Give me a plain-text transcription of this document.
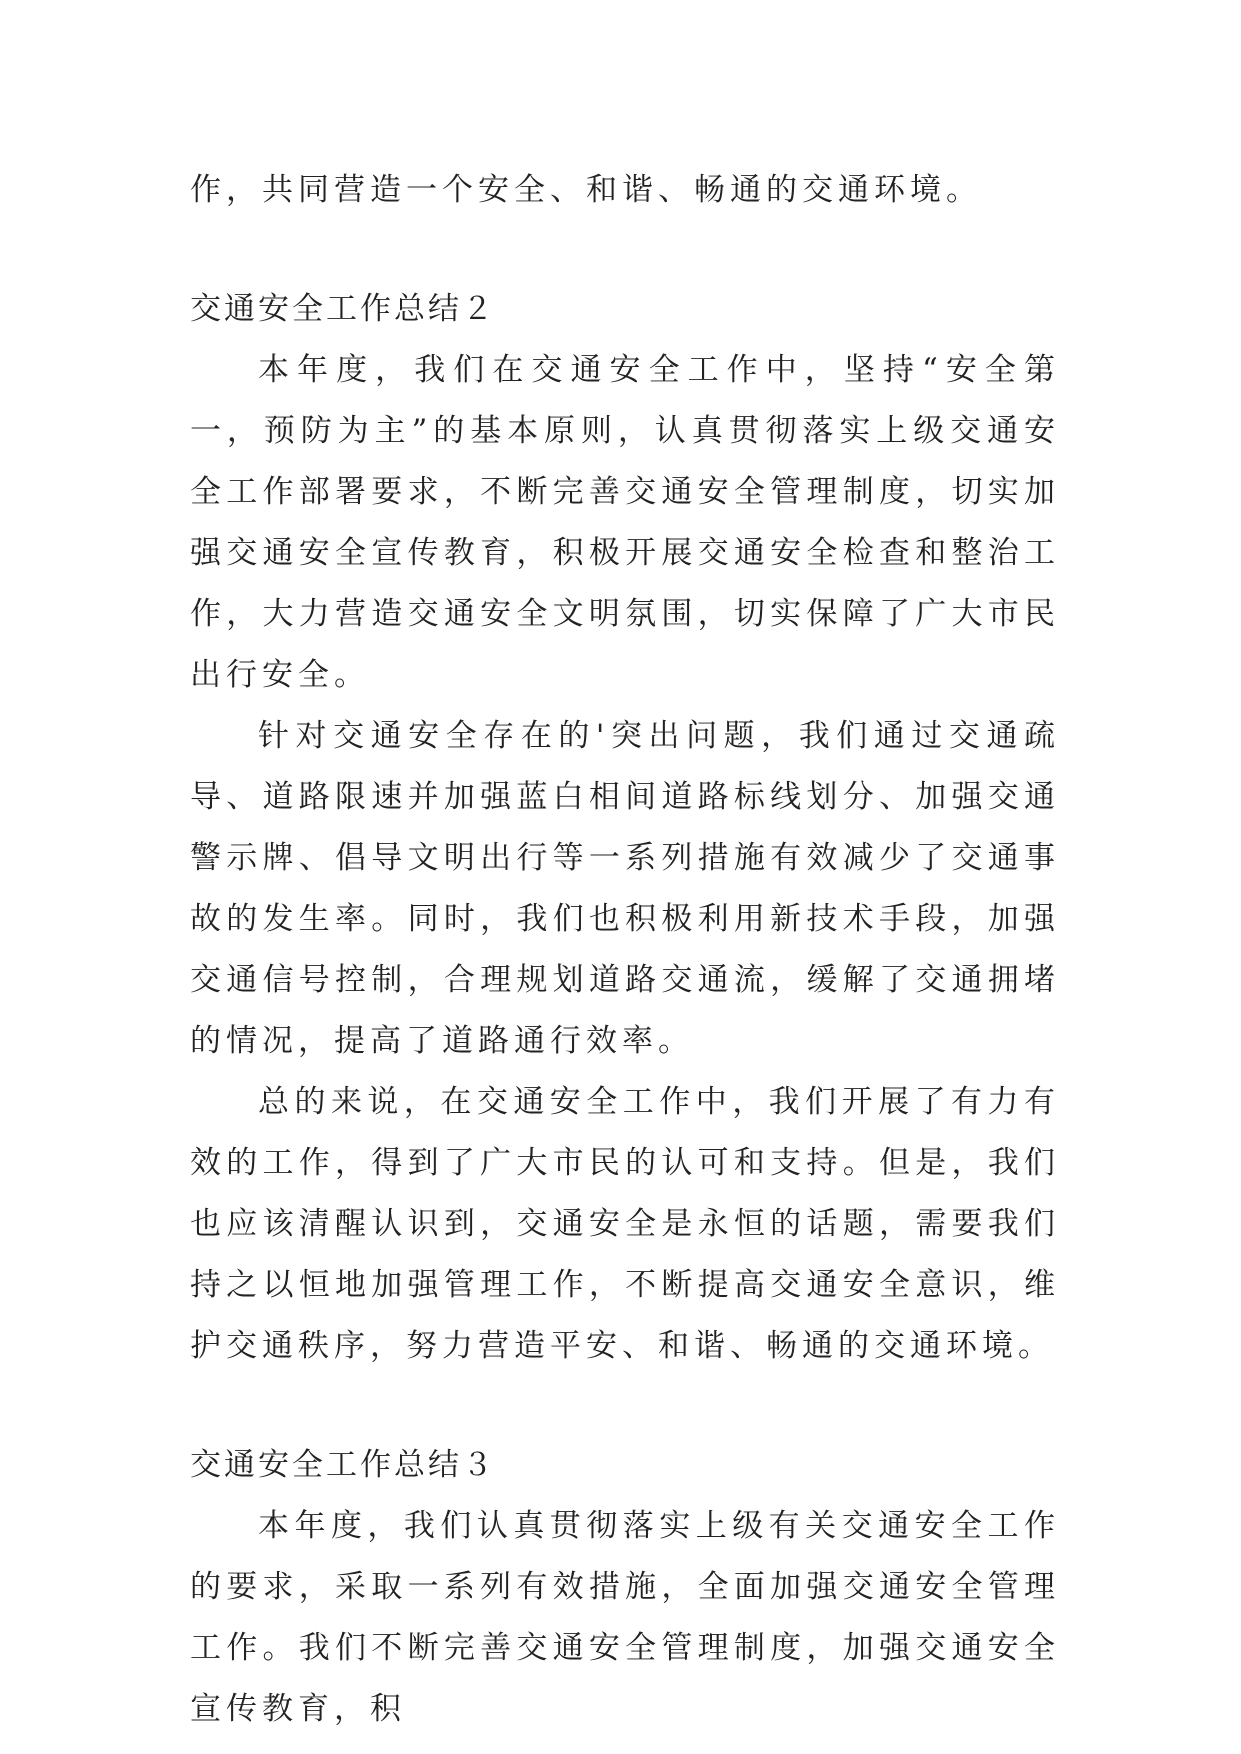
作，共同营造一个安全、和谐、畅通的交通环境。

交通安全工作总结２

本年度，我们在交通安全工作中，坚持“安全第一，预防为主”的基本原则，认真贯彻落实上级交通安全工作部署要求，不断完善交通安全管理制度，切实加强交通安全宣传教育，积极开展交通安全检查和整治工作，大力营造交通安全文明氛围，切实保障了广大市民出行安全。

针对交通安全存在的'突出问题，我们通过交通疏导、道路限速并加强蓝白相间道路标线划分、加强交通警示牌、倡导文明出行等一系列措施有效减少了交通事故的发生率。同时，我们也积极利用新技术手段，加强交通信号控制，合理规划道路交通流，缓解了交通拥堵的情况，提高了道路通行效率。

总的来说，在交通安全工作中，我们开展了有力有效的工作，得到了广大市民的认可和支持。但是，我们也应该清醒认识到，交通安全是永恒的话题，需要我们持之以恒地加强管理工作，不断提高交通安全意识，维护交通秩序，努力营造平安、和谐、畅通的交通环境。

交通安全工作总结３

本年度，我们认真贯彻落实上级有关交通安全工作的要求，采取一系列有效措施，全面加强交通安全管理工作。我们不断完善交通安全管理制度，加强交通安全宣传教育，积
